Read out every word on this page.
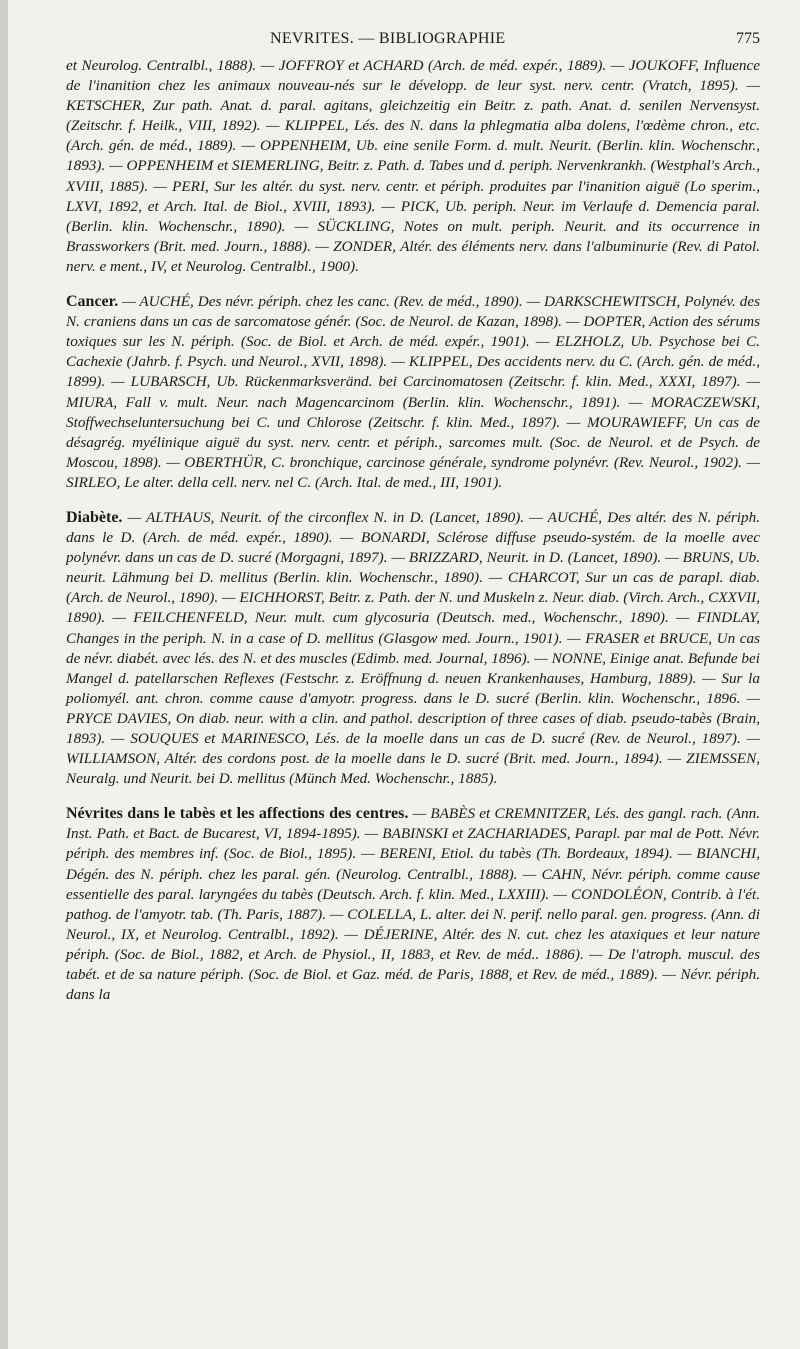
NEVRITES. — BIBLIOGRAPHIE	775

et Neurolog. Centralbl., 1888). — JOFFROY et ACHARD (Arch. de méd. expér., 1889). — JOUKOFF, Influence de l'inanition chez les animaux nouveau-nés sur le développ. de leur syst. nerv. centr. (Vratch, 1895). — KETSCHER, Zur path. Anat. d. paral. agitans, gleichzeitig ein Beitr. z. path. Anat. d. senilen Nervensyst. (Zeitschr. f. Heilk., VIII, 1892). — KLIPPEL, Lés. des N. dans la phlegmatia alba dolens, l'œdème chron., etc. (Arch. gén. de méd., 1889). — OPPENHEIM, Ub. eine senile Form. d. mult. Neurit. (Berlin. klin. Wochenschr., 1893). — OPPENHEIM et SIEMERLING, Beitr. z. Path. d. Tabes und d. periph. Nervenkrankh. (Westphal's Arch., XVIII, 1885). — PERI, Sur les altér. du syst. nerv. centr. et périph. produites par l'inanition aiguë (Lo sperim., LXVI, 1892, et Arch. Ital. de Biol., XVIII, 1893). — PICK, Ub. periph. Neur. im Verlaufe d. Demencia paral. (Berlin. klin. Wochenschr., 1890). — SÜCKLING, Notes on mult. periph. Neurit. and its occurrence in Brassworkers (Brit. med. Journ., 1888). — ZONDER, Altér. des éléments nerv. dans l'albuminurie (Rev. di Patol. nerv. e ment., IV, et Neurolog. Centralbl., 1900).

Cancer. — AUCHÉ, Des névr. périph. chez les canc. (Rev. de méd., 1890). — DARKSCHEWITSCH, Polynév. des N. craniens dans un cas de sarcomatose génér. (Soc. de Neurol. de Kazan, 1898). — DOPTER, Action des sérums toxiques sur les N. périph. (Soc. de Biol. et Arch. de méd. expér., 1901). — ELZHOLZ, Ub. Psychose bei C. Cachexie (Jahrb. f. Psych. und Neurol., XVII, 1898). — KLIPPEL, Des accidents nerv. du C. (Arch. gén. de méd., 1899). — LUBARSCH, Ub. Rückenmarksveränd. bei Carcinomatosen (Zeitschr. f. klin. Med., XXXI, 1897). — MIURA, Fall v. mult. Neur. nach Magencarcinom (Berlin. klin. Wochenschr., 1891). — MORACZEWSKI, Stoffwechseluntersuchung bei C. und Chlorose (Zeitschr. f. klin. Med., 1897). — MOURAWIEFF, Un cas de désagrég. myélinique aiguë du syst. nerv. centr. et périph., sarcomes mult. (Soc. de Neurol. et de Psych. de Moscou, 1898). — OBERTHÜR, C. bronchique, carcinose générale, syndrome polynévr. (Rev. Neurol., 1902). — SIRLEO, Le alter. della cell. nerv. nel C. (Arch. Ital. de med., III, 1901).

Diabète. — ALTHAUS, Neurit. of the circonflex N. in D. (Lancet, 1890). — AUCHÉ, Des altér. des N. périph. dans le D. (Arch. de méd. expér., 1890). — BONARDI, Sclérose diffuse pseudo-systém. de la moelle avec polynévr. dans un cas de D. sucré (Morgagni, 1897). — BRIZZARD, Neurit. in D. (Lancet, 1890). — BRUNS, Ub. neurit. Lähmung bei D. mellitus (Berlin. klin. Wochenschr., 1890). — CHARCOT, Sur un cas de parapl. diab. (Arch. de Neurol., 1890). — EICHHORST, Beitr. z. Path. der N. und Muskeln z. Neur. diab. (Virch. Arch., CXXVII, 1890). — FEILCHENFELD, Neur. mult. cum glycosuria (Deutsch. med., Wochenschr., 1890). — FINDLAY, Changes in the periph. N. in a case of D. mellitus (Glasgow med. Journ., 1901). — FRASER et BRUCE, Un cas de névr. diabét. avec lés. des N. et des muscles (Edimb. med. Journal, 1896). — NONNE, Einige anat. Befunde bei Mangel d. patellarschen Reflexes (Festschr. z. Eröffnung d. neuen Krankenhauses, Hamburg, 1889). — Sur la poliomyél. ant. chron. comme cause d'amyotr. progress. dans le D. sucré (Berlin. klin. Wochenschr., 1896. — PRYCE DAVIES, On diab. neur. with a clin. and pathol. description of three cases of diab. pseudo-tabès (Brain, 1893). — SOUQUES et MARINESCO, Lés. de la moelle dans un cas de D. sucré (Rev. de Neurol., 1897). — WILLIAMSON, Altér. des cordons post. de la moelle dans le D. sucré (Brit. med. Journ., 1894). — ZIEMSSEN, Neuralg. und Neurit. bei D. mellitus (Münch Med. Wochenschr., 1885).

Névrites dans le tabès et les affections des centres. — BABÈS et CREMNITZER, Lés. des gangl. rach. (Ann. Inst. Path. et Bact. de Bucarest, VI, 1894-1895). — BABINSKI et ZACHARIADES, Parapl. par mal de Pott. Névr. périph. des membres inf. (Soc. de Biol., 1895). — BERENI, Etiol. du tabès (Th. Bordeaux, 1894). — BIANCHI, Dégén. des N. périph. chez les paral. gén. (Neurolog. Centralbl., 1888). — CAHN, Névr. périph. comme cause essentielle des paral. laryngées du tabès (Deutsch. Arch. f. klin. Med., LXXIII). — CONDOLÉON, Contrib. à l'ét. pathog. de l'amyotr. tab. (Th. Paris, 1887). — COLELLA, L. alter. dei N. perif. nello paral. gen. progress. (Ann. di Neurol., IX, et Neurolog. Centralbl., 1892). — DÉJERINE, Altér. des N. cut. chez les ataxiques et leur nature périph. (Soc. de Biol., 1882, et Arch. de Physiol., II, 1883, et Rev. de méd.. 1886). — De l'atroph. muscul. des tabét. et de sa nature périph. (Soc. de Biol. et Gaz. méd. de Paris, 1888, et Rev. de méd., 1889). — Névr. périph. dans la
